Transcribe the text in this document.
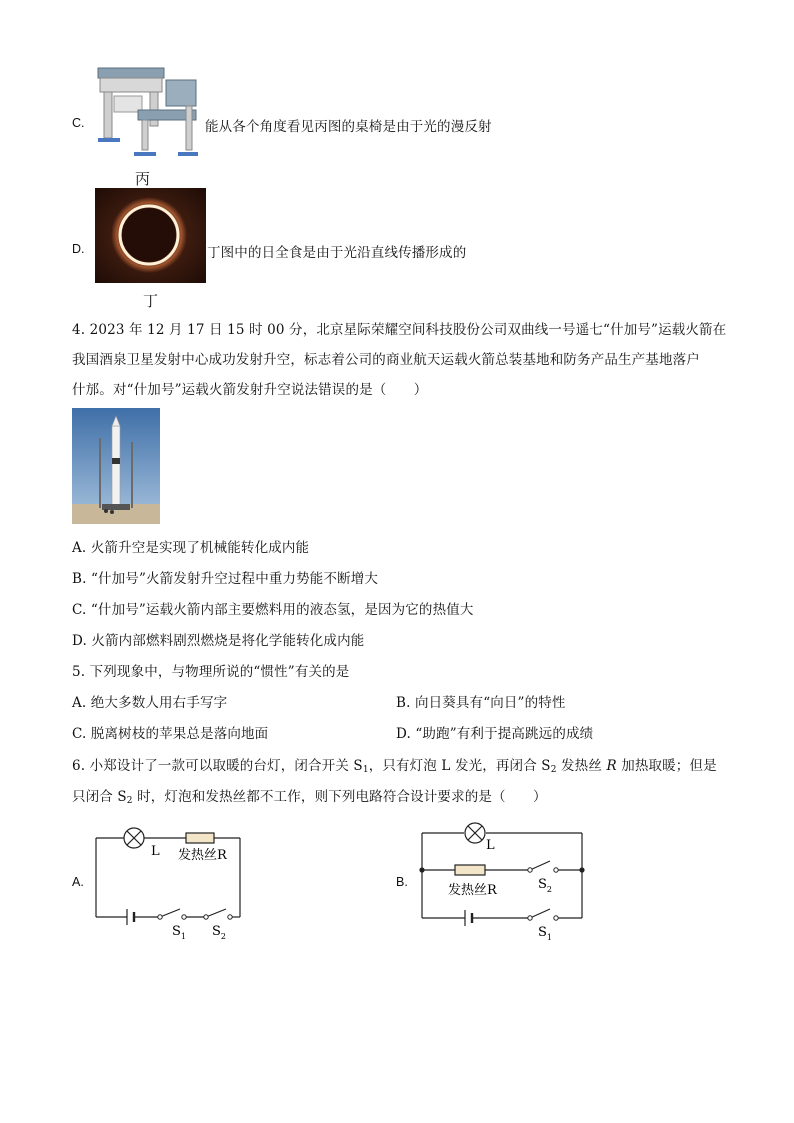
C.	能从各个角度看见丙图的桌椅是由于光的漫反射
丙
D.	丁图中的日全食是由于光沿直线传播形成的
丁
4. 2023 年 12 月 17 日 15 时 00 分，北京星际荣耀空间科技股份公司双曲线一号遥七“什加号”运载火箭在
我国酒泉卫星发射中心成功发射升空，标志着公司的商业航天运载火箭总装基地和防务产品生产基地落户
什邡。对“什加号”运载火箭发射升空说法错误的是（　　）
A. 火箭升空是实现了机械能转化成内能
B. “什加号”火箭发射升空过程中重力势能不断增大
C. “什加号”运载火箭内部主要燃料用的液态氢，是因为它的热值大
D. 火箭内部燃料剧烈燃烧是将化学能转化成内能
5. 下列现象中，与物理所说的“惯性”有关的是
A. 绝大多数人用右手写字	B. 向日葵具有“向日”的特性
C. 脱离树枝的苹果总是落向地面	D. “助跑”有利于提高跳远的成绩
6. 小郑设计了一款可以取暖的台灯，闭合开关 $S_1$，只有灯泡 L 发光，再闭合 $S_2$ 发热丝 R 加热取暖；但是
只闭合 $S_2$ 时，灯泡和发热丝都不工作，则下列电路符合设计要求的是（　　）
A.
L 发热丝R
$S_1$ $S_2$
B.
L
发热丝R	$S_2$
$S_1$
